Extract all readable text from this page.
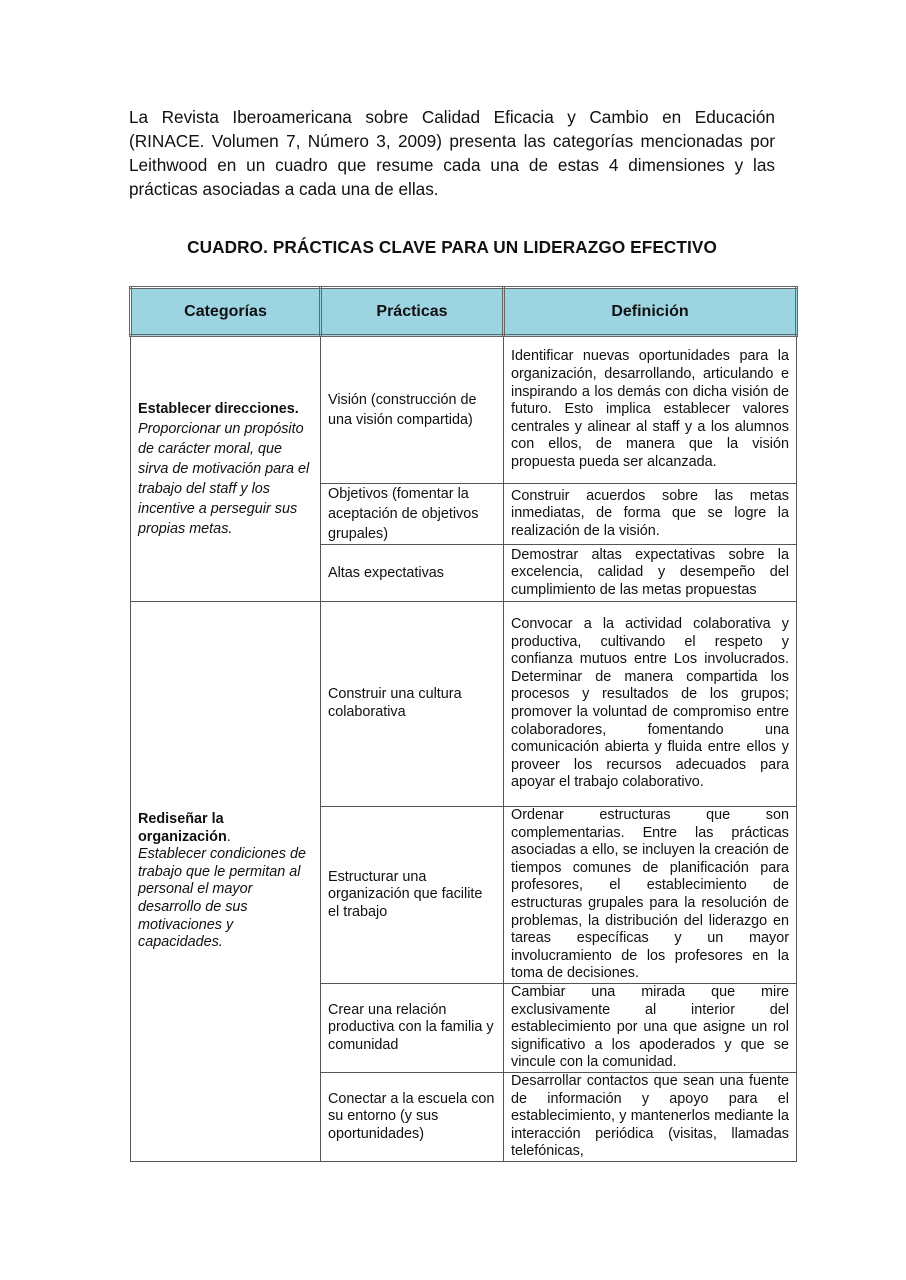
La Revista Iberoamericana sobre Calidad Eficacia y Cambio en Educación (RINACE. Volumen 7, Número 3, 2009) presenta las categorías mencionadas por Leithwood en un cuadro que resume cada una de estas 4 dimensiones y las prácticas asociadas a cada una de ellas.

CUADRO. PRÁCTICAS CLAVE PARA UN LIDERAZGO EFECTIVO
Categorías	Prácticas	Definición
Establecer direcciones.
Proporcionar un propósito de carácter moral, que sirva de motivación para el trabajo del staff y los incentive a perseguir sus propias metas.	Visión (construcción de una visión compartida)	Identificar nuevas oportunidades para la organización, desarrollando, articulando e inspirando a los demás con dicha visión de futuro. Esto implica establecer valores centrales y alinear al staff y a los alumnos con ellos, de manera que la visión propuesta pueda ser alcanzada.
	Objetivos (fomentar la aceptación de objetivos grupales)	Construir acuerdos sobre las metas inmediatas, de forma que se logre la realización de la visión.
	Altas expectativas	Demostrar altas expectativas sobre la excelencia, calidad y desempeño del cumplimiento de las metas propuestas
Rediseñar la organización.
Establecer condiciones de trabajo que le permitan al personal el mayor desarrollo de sus motivaciones y capacidades.	Construir una cultura colaborativa	Convocar a la actividad colaborativa y productiva, cultivando el respeto y confianza mutuos entre Los involucrados. Determinar de manera compartida los procesos y resultados de los grupos; promover la voluntad de compromiso entre colaboradores, fomentando una comunicación abierta y fluida entre ellos y proveer los recursos adecuados para apoyar el trabajo colaborativo.
	Estructurar una organización que facilite el trabajo	Ordenar estructuras que son complementarias. Entre las prácticas asociadas a ello, se incluyen la creación de tiempos comunes de planificación para profesores, el establecimiento de estructuras grupales para la resolución de problemas, la distribución del liderazgo en tareas específicas y un mayor involucramiento de los profesores en la toma de decisiones.
	Crear una relación productiva con la familia y comunidad	Cambiar una mirada que mire exclusivamente al interior del establecimiento por una que asigne un rol significativo a los apoderados y que se vincule con la comunidad.
	Conectar a la escuela con su entorno (y sus oportunidades)	Desarrollar contactos que sean una fuente de información y apoyo para el establecimiento, y mantenerlos mediante la interacción periódica (visitas, llamadas telefónicas,
